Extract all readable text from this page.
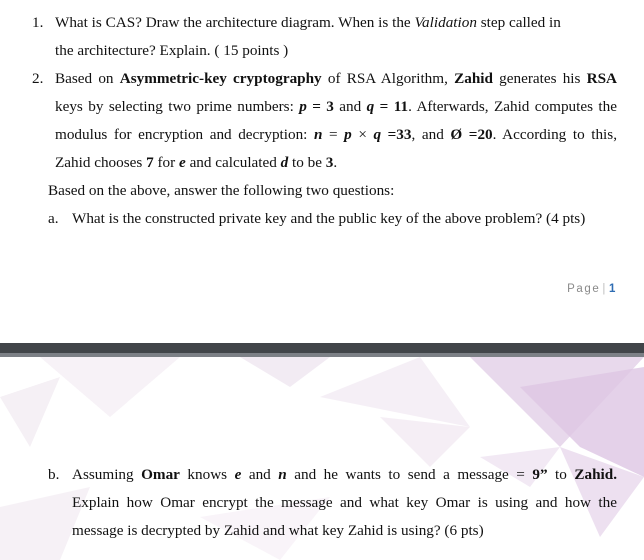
1. What is CAS? Draw the architecture diagram. When is the Validation step called in
the architecture? Explain. ( 15 points )
2. Based on Asymmetric-key cryptography of RSA Algorithm, Zahid generates his RSA
keys by selecting two prime numbers: p = 3 and q = 11. Afterwards, Zahid computes the
modulus for encryption and decryption: n = p × q =33, and Ø =20. According to this,
Zahid chooses 7 for e and calculated d to be 3.
Based on the above, answer the following two questions:
a. What is the constructed private key and the public key of the above problem? (4 pts)
Page | 1
b. Assuming Omar knows e and n and he wants to send a message = 9” to Zahid.
Explain how Omar encrypt the message and what key Omar is using and how the
message is decrypted by Zahid and what key Zahid is using? (6 pts)
